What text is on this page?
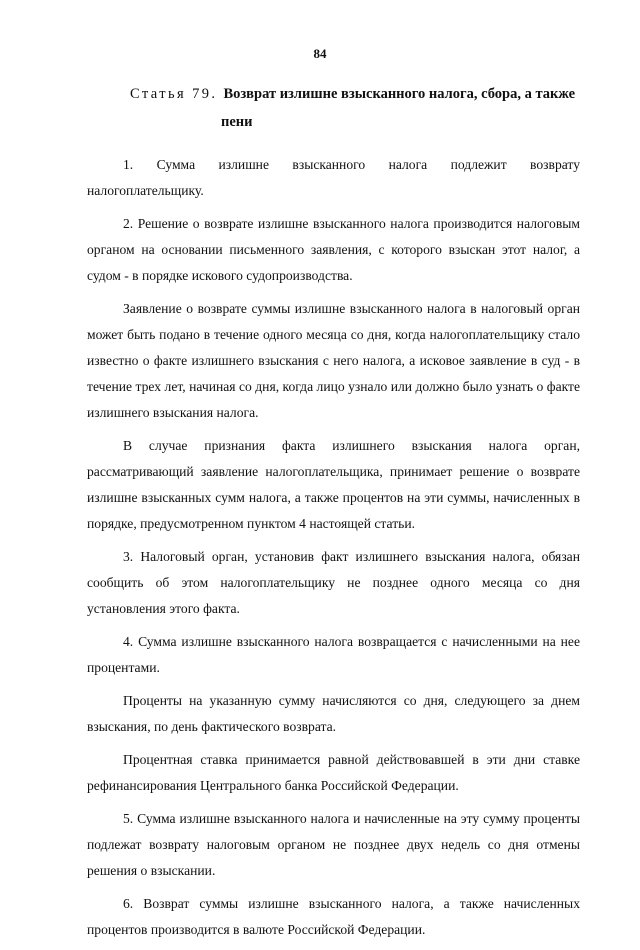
84
Статья 79. Возврат излишне взысканного налога, сбора, а также
пени

1. Сумма излишне взысканного налога подлежит возврату налогоплательщику.

2. Решение о возврате излишне взысканного налога производится налоговым органом на основании письменного заявления, с которого взыскан этот налог, а судом - в порядке искового судопроизводства.

Заявление о возврате суммы излишне взысканного налога в налоговый орган может быть подано в течение одного месяца со дня, когда налогоплательщику стало известно о факте излишнего взыскания с него налога, а исковое заявление в суд - в течение трех лет, начиная со дня, когда лицо узнало или должно было узнать о факте излишнего взыскания налога.

В случае признания факта излишнего взыскания налога орган, рассматривающий заявление налогоплательщика, принимает решение о возврате излишне взысканных сумм налога, а также процентов на эти суммы, начисленных в порядке, предусмотренном пунктом 4 настоящей статьи.

3. Налоговый орган, установив факт излишнего взыскания налога, обязан сообщить об этом налогоплательщику не позднее одного месяца со дня установления этого факта.

4. Сумма излишне взысканного налога возвращается с начисленными на нее процентами.

Проценты на указанную сумму начисляются со дня, следующего за днем взыскания, по день фактического возврата.

Процентная ставка принимается равной действовавшей в эти дни ставке рефинансирования Центрального банка Российской Федерации.

5. Сумма излишне взысканного налога и начисленные на эту сумму проценты подлежат возврату налоговым органом не позднее двух недель со дня отмены решения о взыскании.

6. Возврат суммы излишне взысканного налога, а также начисленных процентов производится в валюте Российской Федерации.
